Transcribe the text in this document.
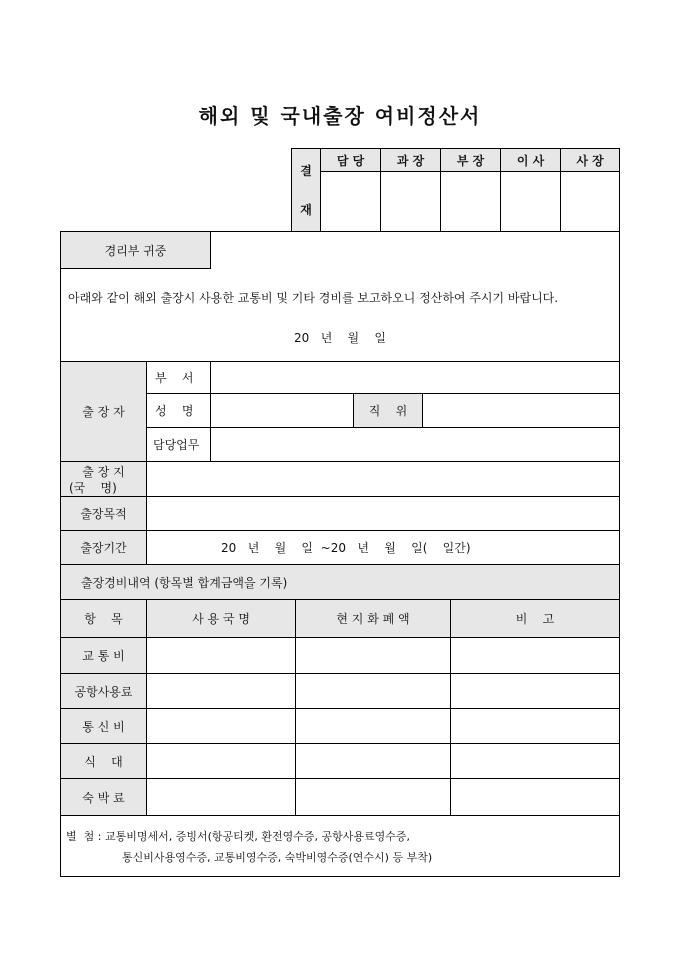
해외 및 국내출장 여비정산서
결
재
담 당	과 장	부 장	이 사	사 장
경리부 귀중
아래와 같이 해외 출장시 사용한 교통비 및 기타 경비를 보고하오니 정산하여 주시기 바랍니다.
20   년    월    일
출 장 자
부    서
성    명	직    위
담당업무
출 장 지
(국    명)
출장목적
출장기간	20   년    월    일  ~20   년    월    일(    일간)
출장경비내역 (항목별 합계금액을 기록)
항    목	사 용 국 명	현 지 화 폐 액	비    고
교 통 비
공항사용료
통 신 비
식    대
숙 박 료
별  첨 : 교통비명세서, 증빙서(항공티켓, 환전영수증, 공항사용료영수증,
통신비사용영수증, 교통비영수증, 숙박비영수증(연수시) 등 부착)
